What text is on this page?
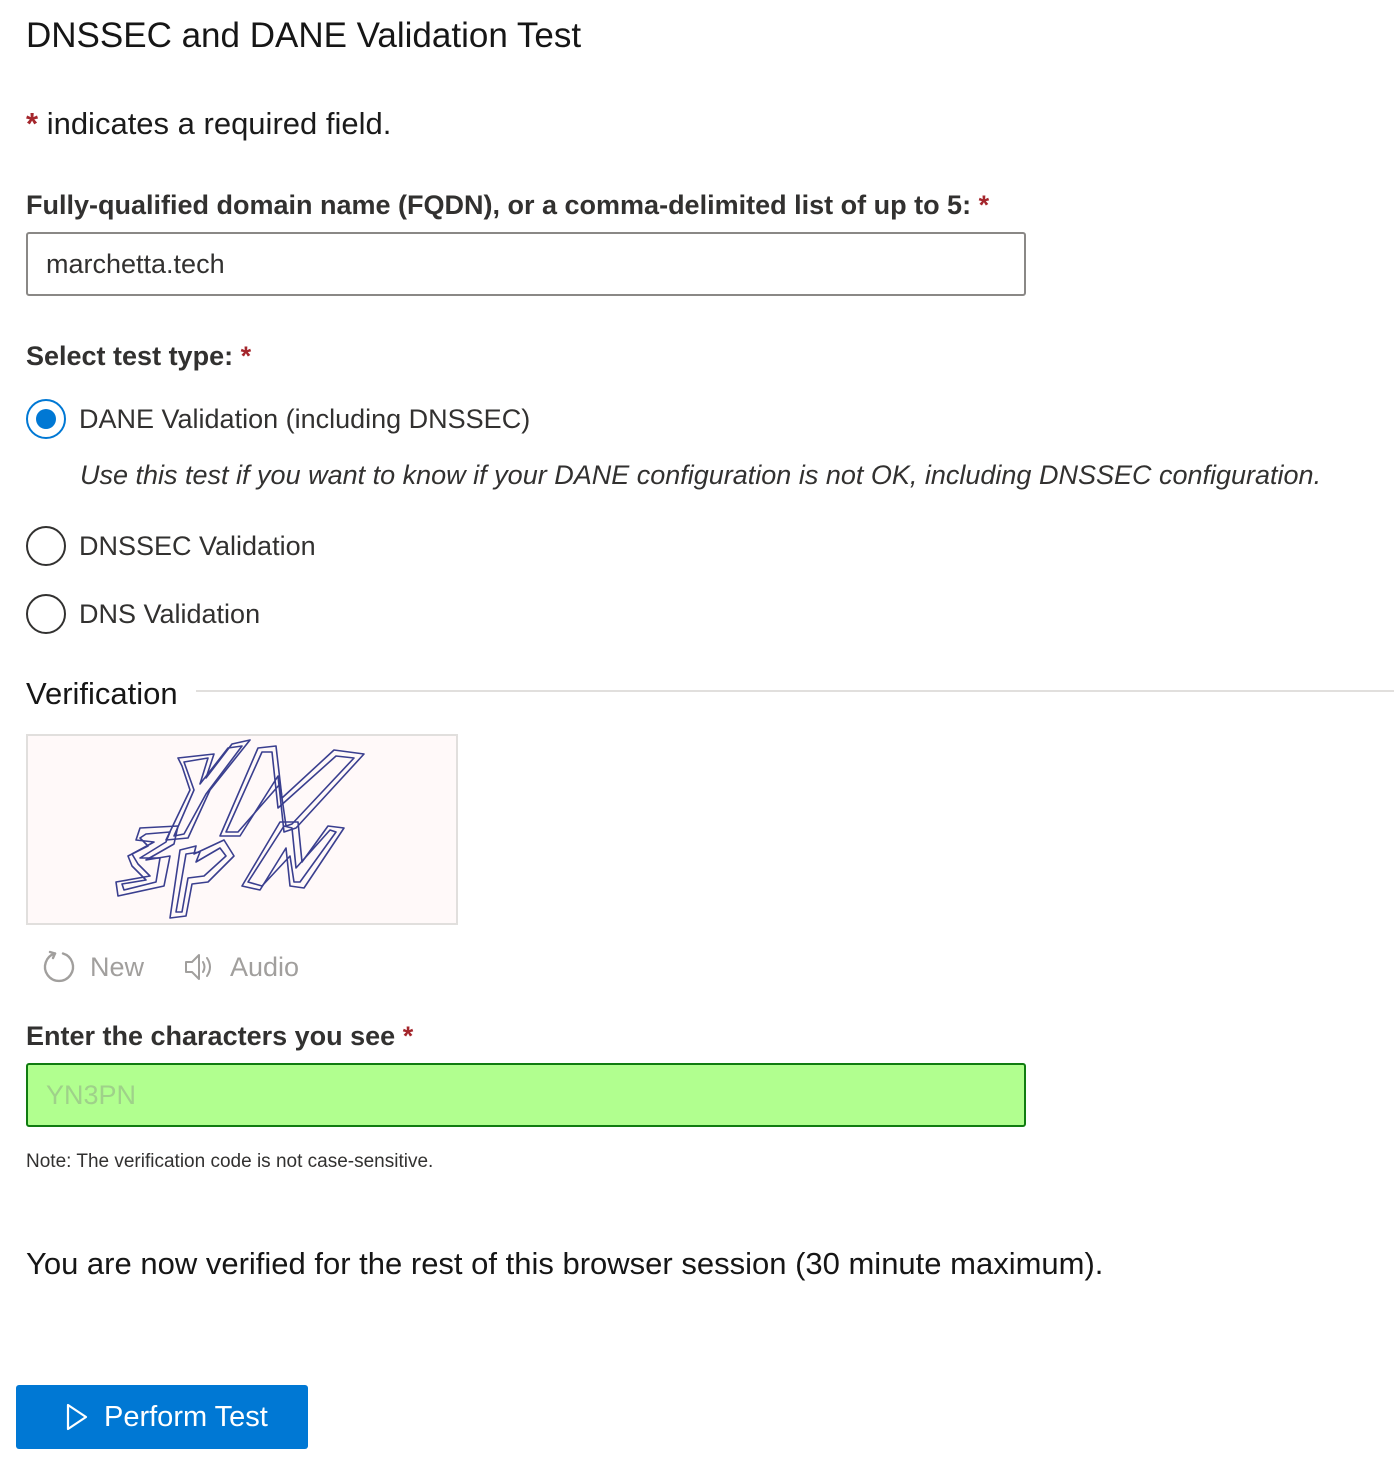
DNSSEC and DANE Validation Test
* indicates a required field.
Fully-qualified domain name (FQDN), or a comma-delimited list of up to 5: *
marchetta.tech
Select test type: *
DANE Validation (including DNSSEC)
Use this test if you want to know if your DANE configuration is not OK, including DNSSEC configuration.
DNSSEC Validation
DNS Validation
Verification
New	Audio
Enter the characters you see *
YN3PN
Note: The verification code is not case-sensitive.
You are now verified for the rest of this browser session (30 minute maximum).
Perform Test
